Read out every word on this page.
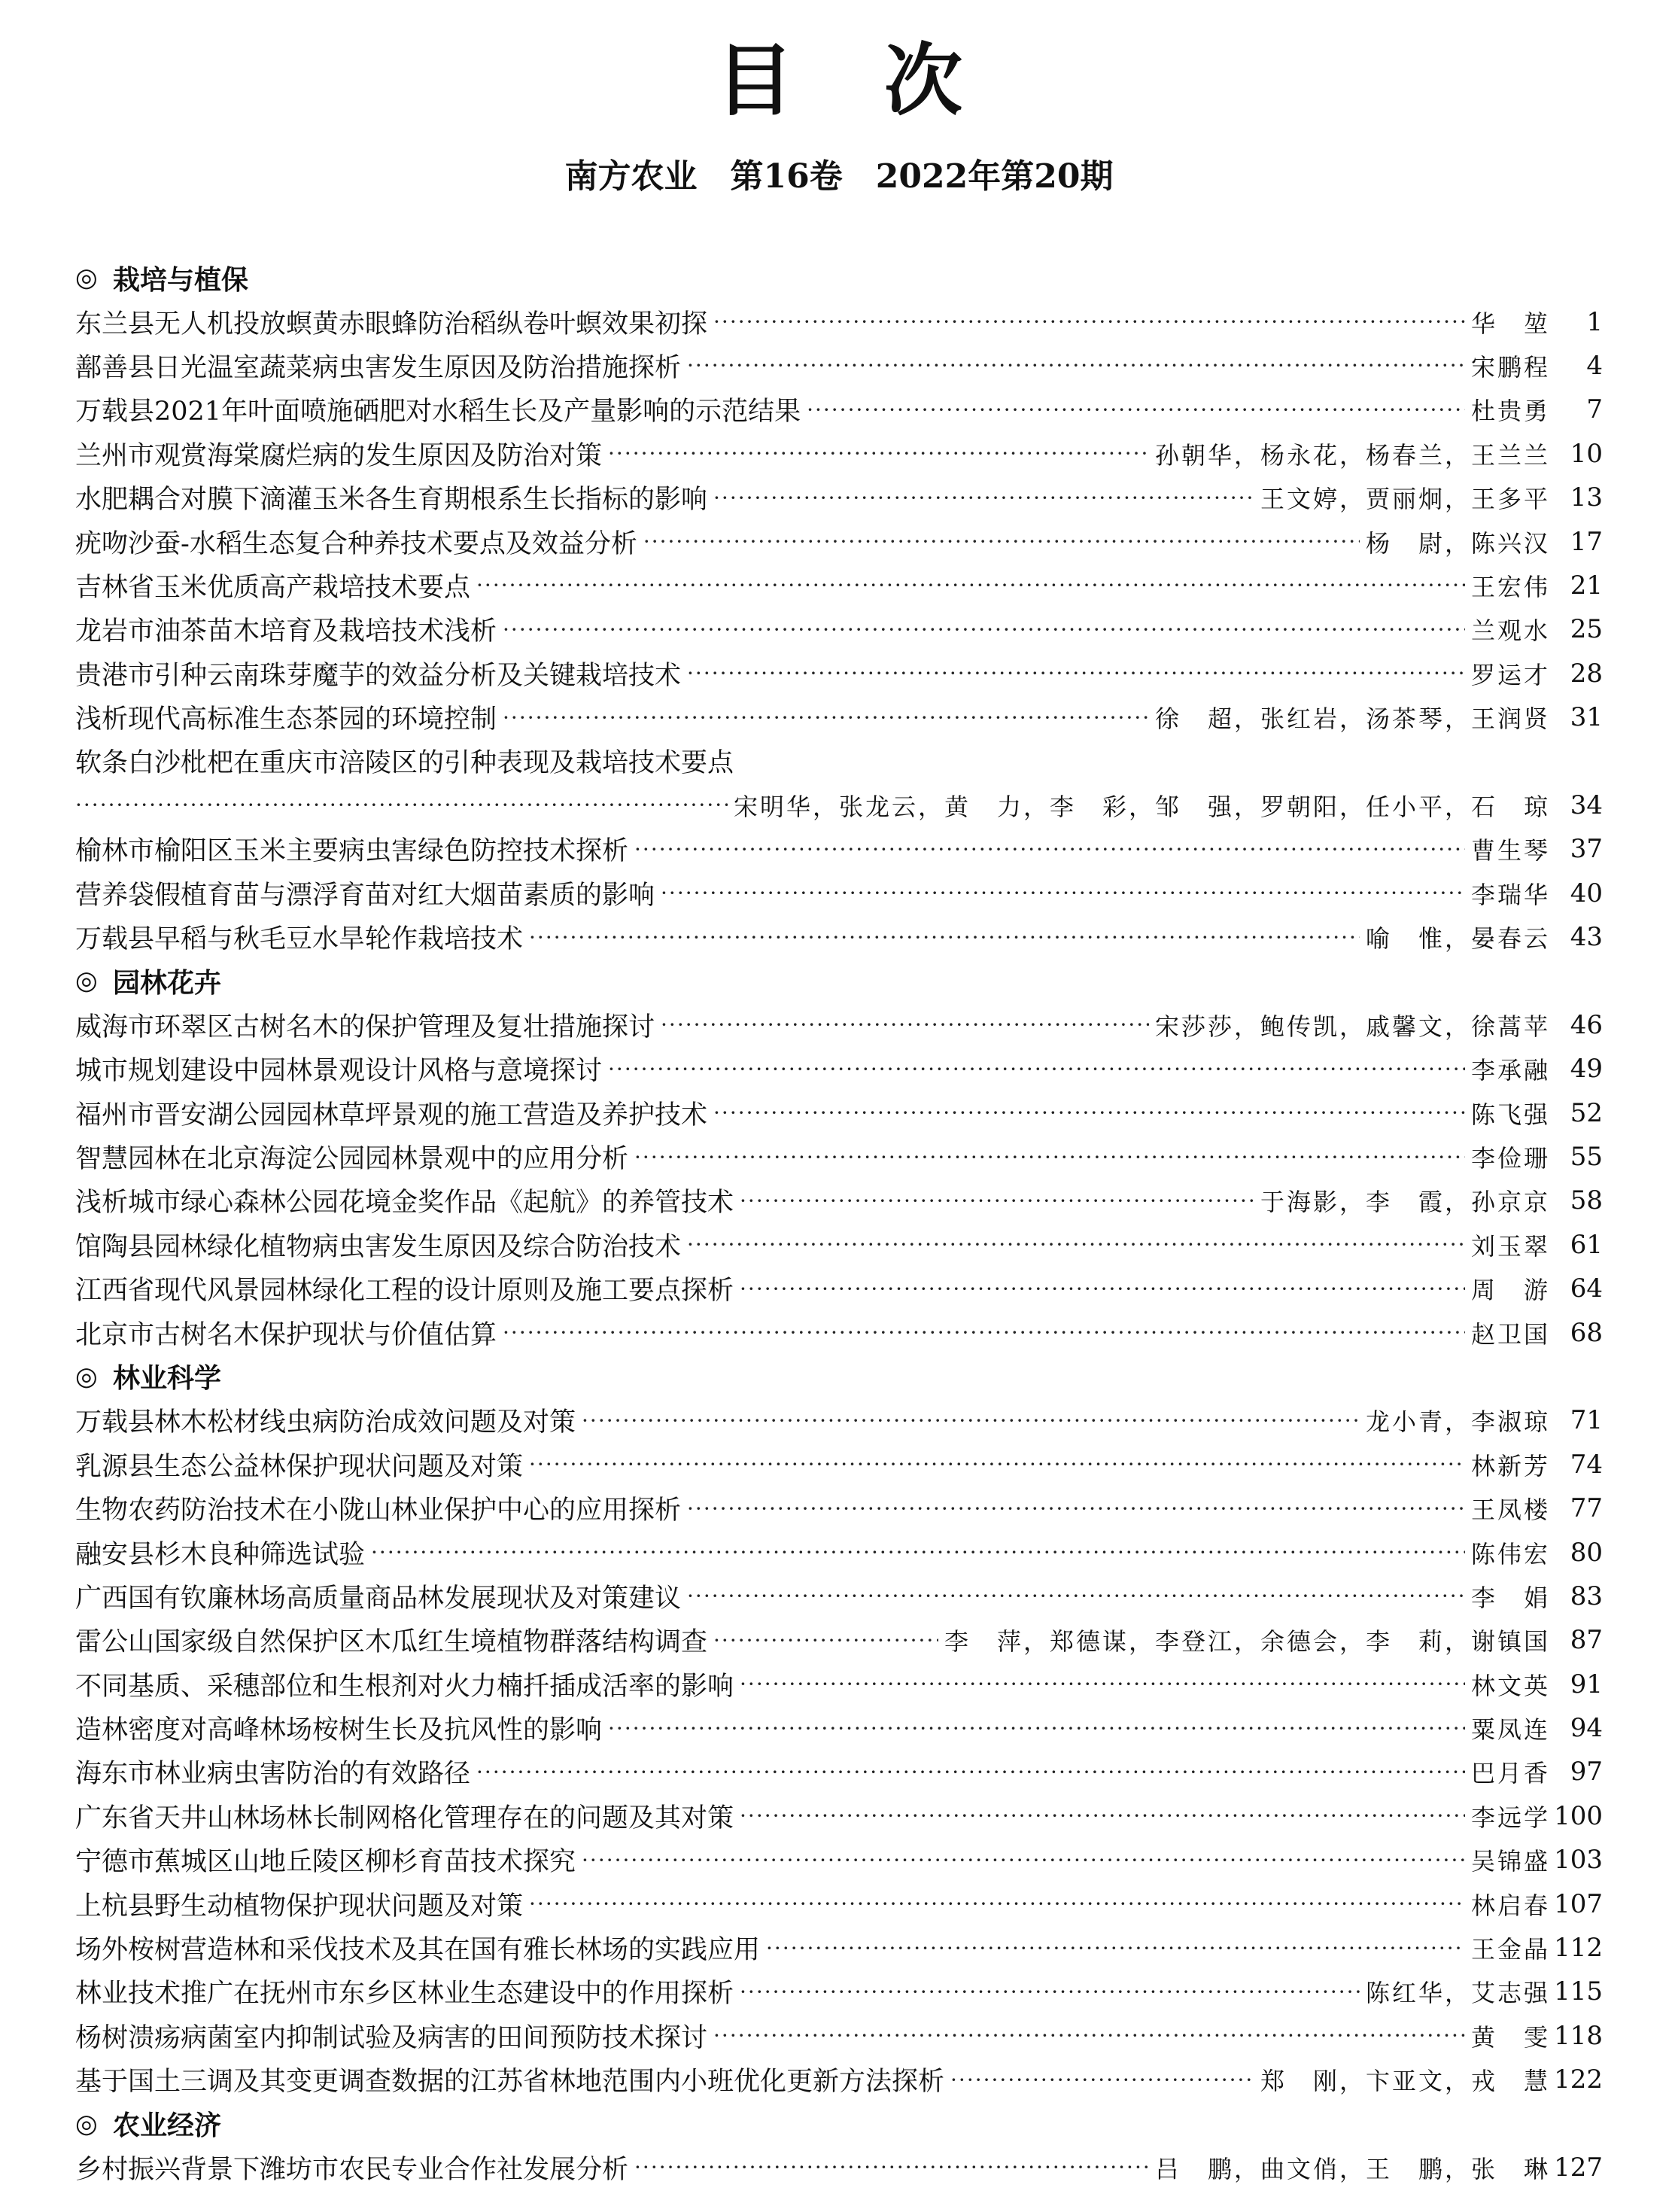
目次
南方农业　第16卷　2022年第20期
◎ 栽培与植保
东兰县无人机投放螟黄赤眼蜂防治稻纵卷叶螟效果初探 ·····	华　堃	1
鄯善县日光温室蔬菜病虫害发生原因及防治措施探析 ·····	宋鹏程	4
万载县2021年叶面喷施硒肥对水稻生长及产量影响的示范结果 ·····	杜贵勇	7
兰州市观赏海棠腐烂病的发生原因及防治对策 ·····	孙朝华，杨永花，杨春兰，王兰兰 10
水肥耦合对膜下滴灌玉米各生育期根系生长指标的影响 ·····	王文婷，贾丽炯，王多平 13
疣吻沙蚕-水稻生态复合种养技术要点及效益分析 ·····	杨　尉，陈兴汉 17
吉林省玉米优质高产栽培技术要点 ·····	王宏伟 21
龙岩市油茶苗木培育及栽培技术浅析 ·····	兰观水 25
贵港市引种云南珠芽魔芋的效益分析及关键栽培技术 ·····	罗运才 28
浅析现代高标准生态茶园的环境控制 ·····	徐　超，张红岩，汤茶琴，王润贤 31
软条白沙枇杷在重庆市涪陵区的引种表现及栽培技术要点
·····
宋明华，张龙云，黄　力，李　彩，邹　强，罗朝阳，任小平，石　琼 34
榆林市榆阳区玉米主要病虫害绿色防控技术探析 ·····	曹生琴 37
营养袋假植育苗与漂浮育苗对红大烟苗素质的影响 ·····	李瑞华 40
万载县早稻与秋毛豆水旱轮作栽培技术 ·····	喻　惟，晏春云 43
◎ 园林花卉
威海市环翠区古树名木的保护管理及复壮措施探讨 ·····	宋莎莎，鲍传凯，戚馨文，徐蒿苹 46
城市规划建设中园林景观设计风格与意境探讨 ·····	李承融 49
福州市晋安湖公园园林草坪景观的施工营造及养护技术 ·····	陈飞强 52
智慧园林在北京海淀公园园林景观中的应用分析 ·····	李俭珊 55
浅析城市绿心森林公园花境金奖作品《起航》的养管技术 ·····	于海影，李　霞，孙京京 58
馆陶县园林绿化植物病虫害发生原因及综合防治技术 ·····	刘玉翠 61
江西省现代风景园林绿化工程的设计原则及施工要点探析 ·····	周　游 64
北京市古树名木保护现状与价值估算 ·····	赵卫国 68
◎ 林业科学
万载县林木松材线虫病防治成效问题及对策 ·····	龙小青，李淑琼 71
乳源县生态公益林保护现状问题及对策 ·····	林新芳 74
生物农药防治技术在小陇山林业保护中心的应用探析 ·····	王凤楼 77
融安县杉木良种筛选试验 ·····	陈伟宏 80
广西国有钦廉林场高质量商品林发展现状及对策建议 ·····	李　娟 83
雷公山国家级自然保护区木瓜红生境植物群落结构调查 ·····	李　萍，郑德谋，李登江，余德会，李　莉，谢镇国 87
不同基质、采穗部位和生根剂对火力楠扦插成活率的影响 ·····	林文英 91
造林密度对高峰林场桉树生长及抗风性的影响 ·····	粟凤连 94
海东市林业病虫害防治的有效路径 ·····	巴月香 97
广东省天井山林场林长制网格化管理存在的问题及其对策 ·····	李远学 100
宁德市蕉城区山地丘陵区柳杉育苗技术探究 ·····	吴锦盛 103
上杭县野生动植物保护现状问题及对策 ·····	林启春 107
场外桉树营造林和采伐技术及其在国有雅长林场的实践应用 ·····	王金晶 112
林业技术推广在抚州市东乡区林业生态建设中的作用探析 ·····	陈红华，艾志强 115
杨树溃疡病菌室内抑制试验及病害的田间预防技术探讨 ·····	黄　雯 118
基于国土三调及其变更调查数据的江苏省林地范围内小班优化更新方法探析 ·····	郑　刚，卞亚文，戎　慧 122
◎ 农业经济
乡村振兴背景下潍坊市农民专业合作社发展分析 ·····	吕　鹏，曲文俏，王　鹏，张　琳 127
